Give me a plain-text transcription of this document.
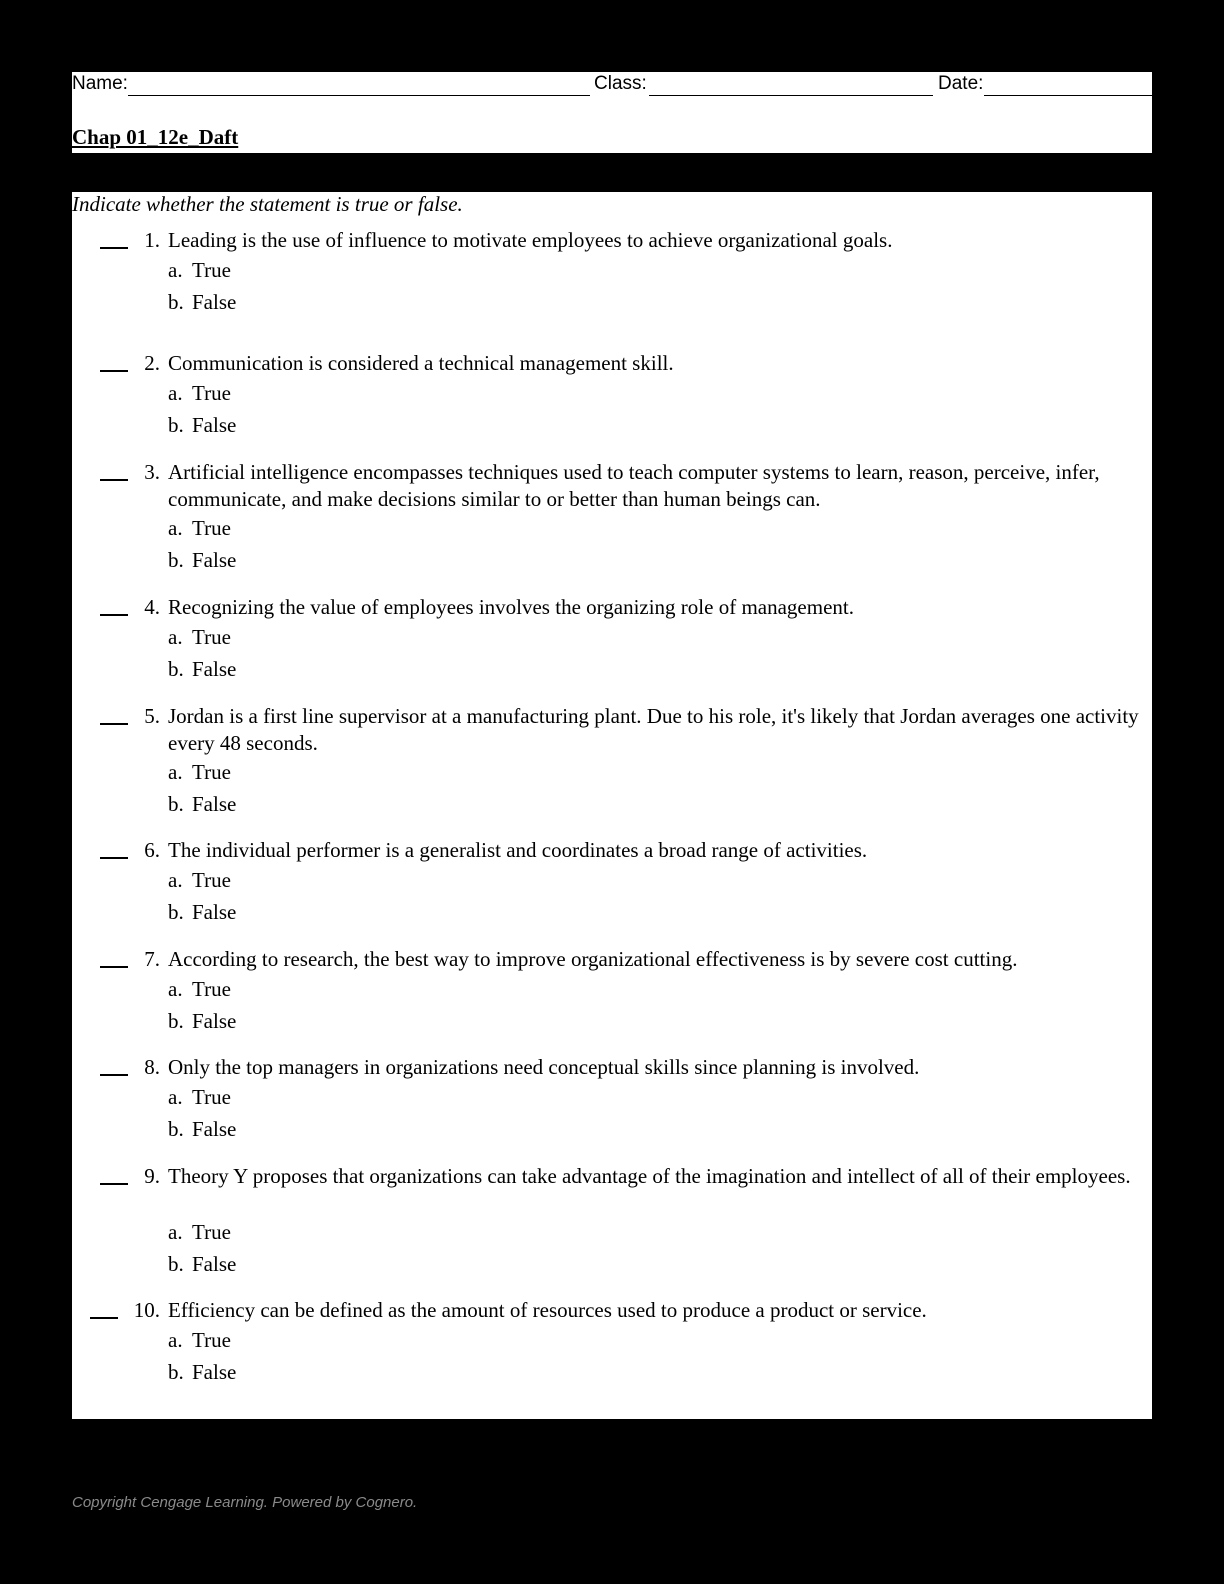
Name:	Class:	Date:
Chap 01_12e_Daft
Indicate whether the statement is true or false.
1. Leading is the use of influence to motivate employees to achieve organizational goals.
a. True
b. False
2. Communication is considered a technical management skill.
a. True
b. False
3. Artificial intelligence encompasses techniques used to teach computer systems to learn, reason, perceive, infer, communicate, and make decisions similar to or better than human beings can.
a. True
b. False
4. Recognizing the value of employees involves the organizing role of management.
a. True
b. False
5. Jordan is a first line supervisor at a manufacturing plant. Due to his role, it's likely that Jordan averages one activity every 48 seconds.
a. True
b. False
6. The individual performer is a generalist and coordinates a broad range of activities.
a. True
b. False
7. According to research, the best way to improve organizational effectiveness is by severe cost cutting.
a. True
b. False
8. Only the top managers in organizations need conceptual skills since planning is involved.
a. True
b. False
9. Theory Y proposes that organizations can take advantage of the imagination and intellect of all of their employees.
a. True
b. False
10. Efficiency can be defined as the amount of resources used to produce a product or service.
a. True
b. False
Copyright Cengage Learning. Powered by Cognero.
